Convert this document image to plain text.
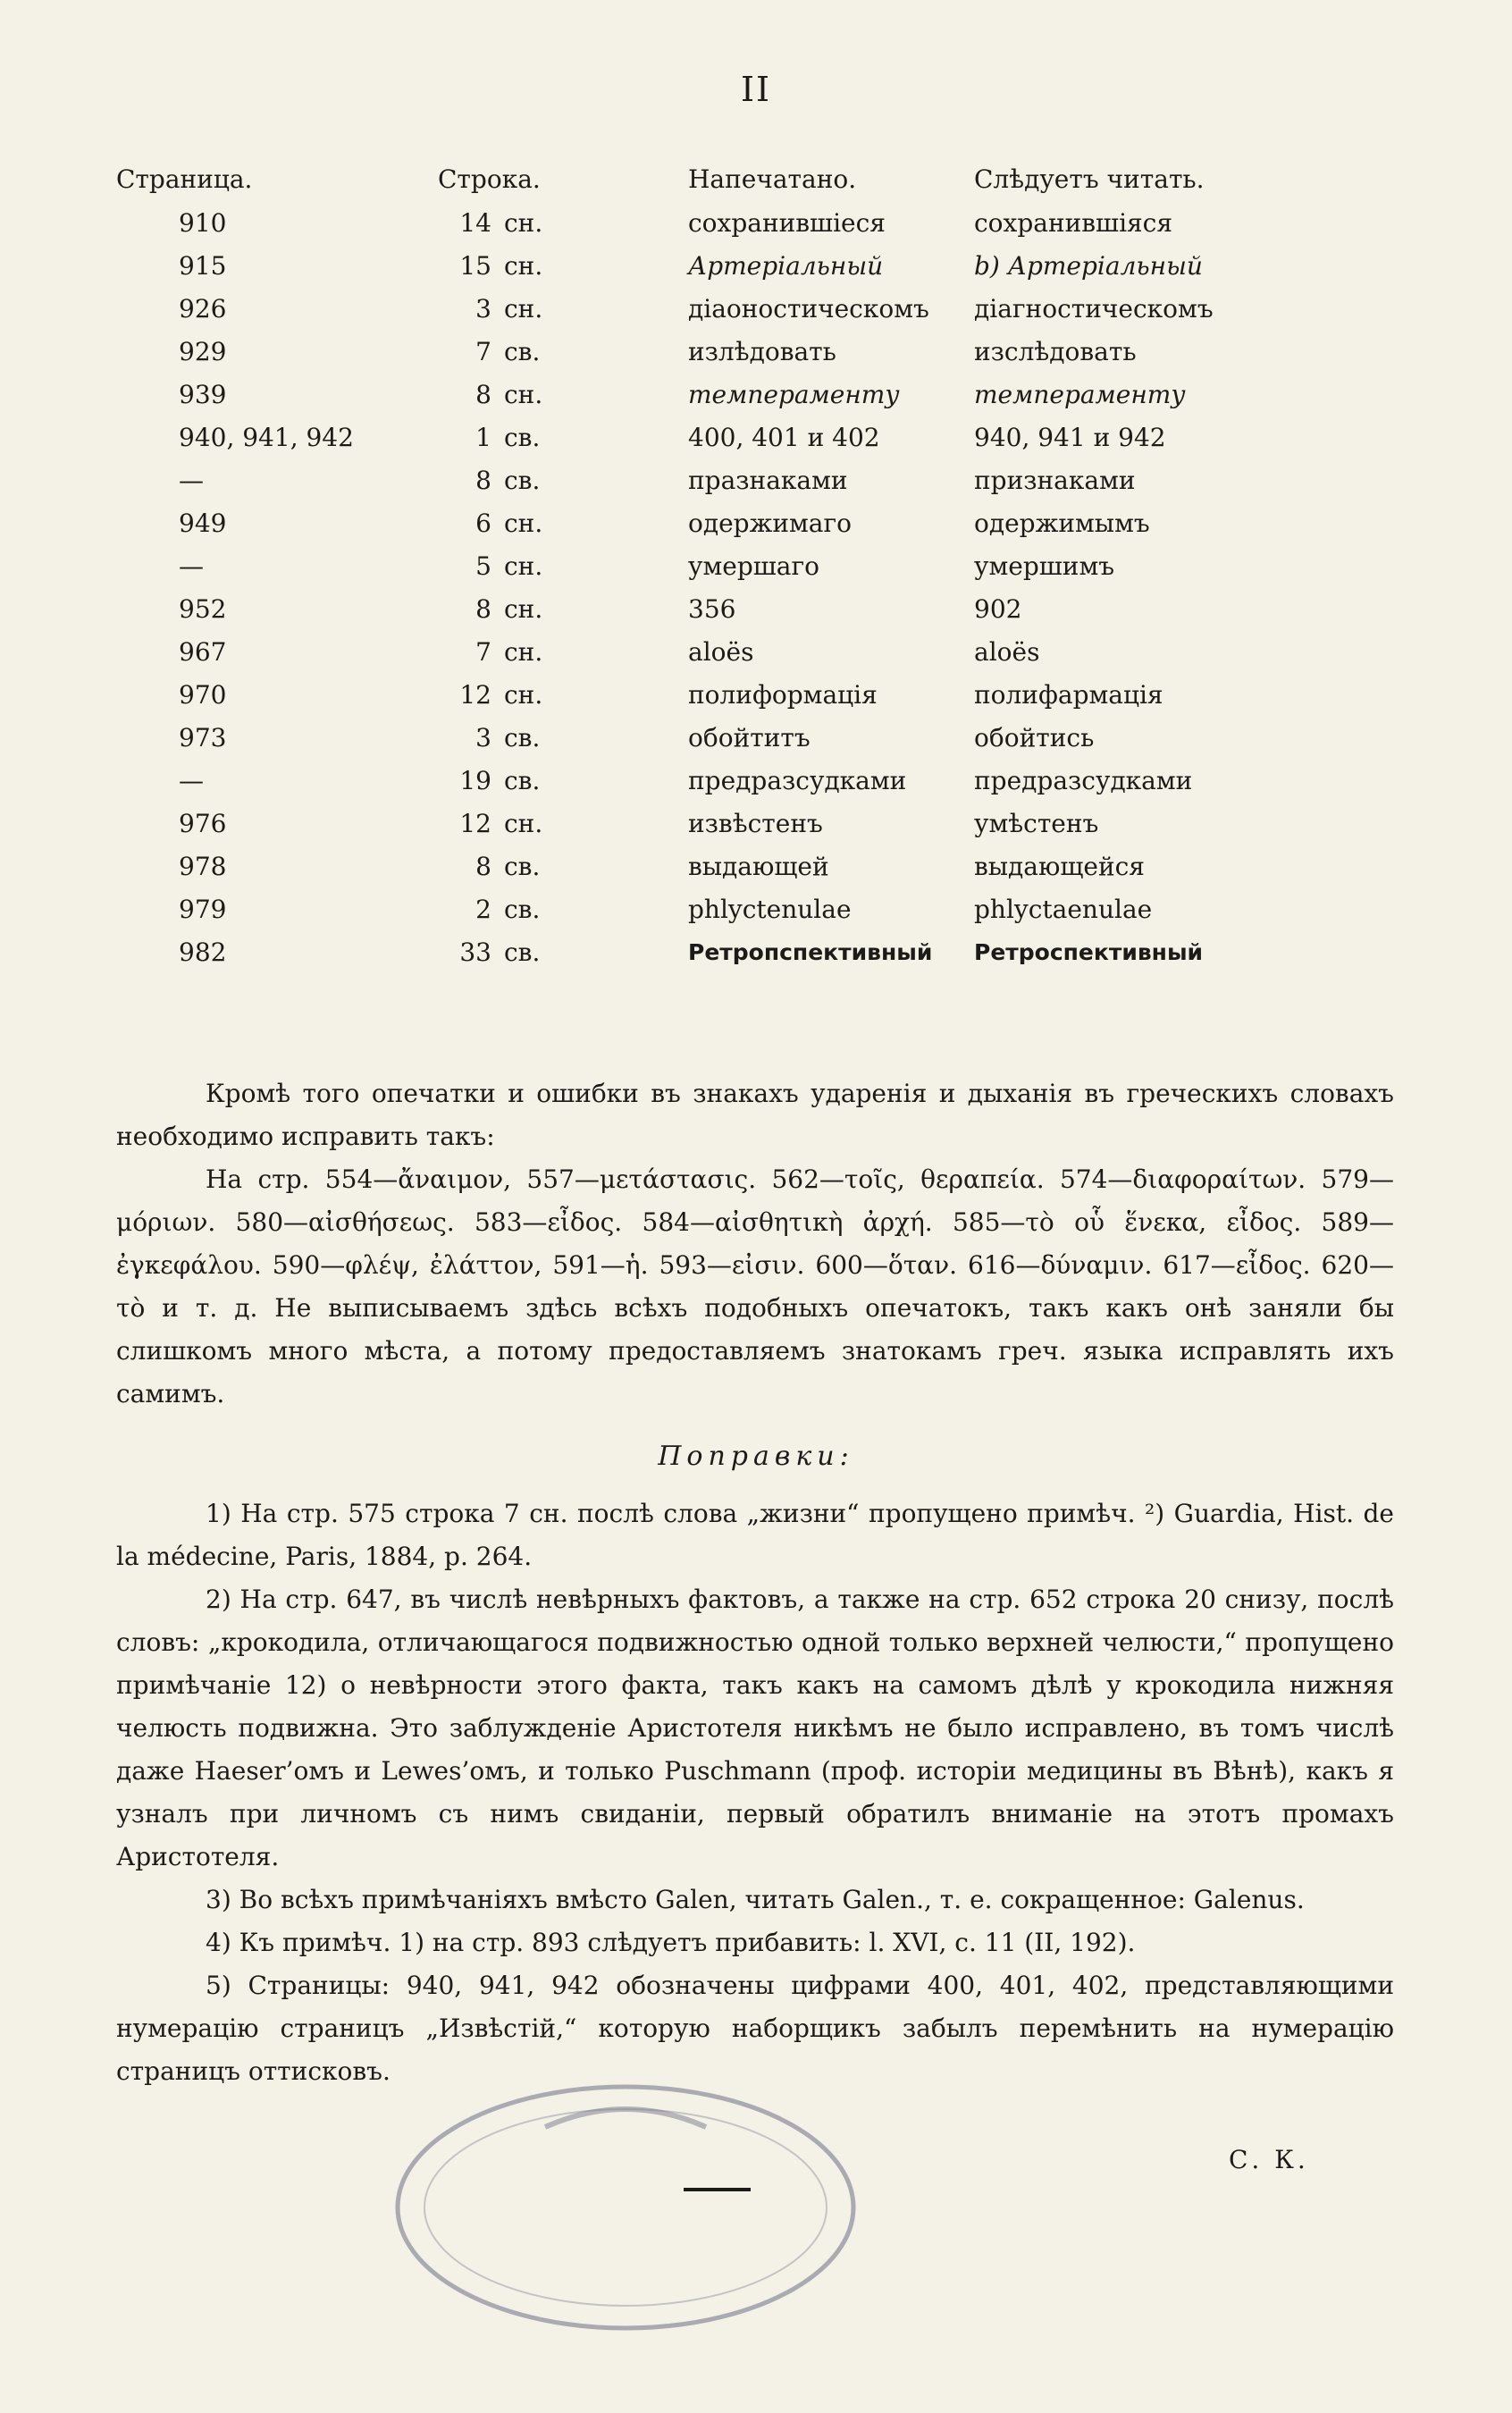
II
Страница.	Строка.	Напечатано.	Слѣдуетъ читать.
910	14 сн.	сохранившіеся	сохранившіяся
915	15 сн.	Артеріальный	b) Артеріальный
926	3 сн.	діаоностическомъ	діагностическомъ
929	7 св.	излѣдовать	изслѣдовать
939	8 сн.	темпераменту	темпераменту
940, 941, 942	1 св.	400, 401 и 402	940, 941 и 942
—	8 св.	празнаками	признаками
949	6 сн.	одержимаго	одержимымъ
—	5 сн.	умершаго	умершимъ
952	8 сн.	356	902
967	7 сн.	aloës	aloës
970	12 сн.	полиформація	полифармація
973	3 св.	обойтитъ	обойтись
—	19 св.	предразсудками	предразсудками
976	12 сн.	извѣстенъ	умѣстенъ
978	8 св.	выдающей	выдающейся
979	2 св.	phlyctenulae	phlyctaenulae
982	33 св.	Ретропспективный	Ретроспективный

Кромѣ того опечатки и ошибки въ знакахъ ударенія и дыханія въ греческихъ словахъ необходимо исправить такъ:

На стр. 554—ἄναιμον, 557—μετάστασις. 562—τοῖς, θεραπεία. 574—διαφοραίτων. 579—μόριων. 580—αἰσθήσεως. 583—εἶδος. 584—αἰσθητικὴ ἀρχή. 585—τὸ οὗ ἕνεκα, εἶδος. 589—ἐγκεφάλου. 590—φλέψ, ἐλάττον, 591—ἡ. 593—εἰσιν. 600—ὅταν. 616—δύναμιν. 617—εἶδος. 620—τὸ и т. д. Не выписываемъ здѣсь всѣхъ подобныхъ опечатокъ, такъ какъ онѣ заняли бы слишкомъ много мѣста, а потому предоставляемъ знатокамъ греч. языка исправлять ихъ самимъ.

Поправки:

1) На стр. 575 строка 7 сн. послѣ слова „жизни“ пропущено примѣч. ²) Guardia, Hist. de la médecine, Paris, 1884, p. 264.

2) На стр. 647, въ числѣ невѣрныхъ фактовъ, а также на стр. 652 строка 20 снизу, послѣ словъ: „крокодила, отличающагося подвижностью одной только верхней челюсти,“ пропущено примѣчаніе 12) о невѣрности этого факта, такъ какъ на самомъ дѣлѣ у крокодила нижняя челюсть подвижна. Это заблужденіе Аристотеля никѣмъ не было исправлено, въ томъ числѣ даже Haeser’омъ и Lewes’омъ, и только Puschmann (проф. исторіи медицины въ Вѣнѣ), какъ я узналъ при личномъ съ нимъ свиданіи, первый обратилъ вниманіе на этотъ промахъ Аристотеля.

3) Во всѣхъ примѣчаніяхъ вмѣсто Galen, читать Galen., т. е. сокращенное: Galenus.

4) Къ примѣч. 1) на стр. 893 слѣдуетъ прибавить: l. XVI, c. 11 (II, 192).

5) Страницы: 940, 941, 942 обозначены цифрами 400, 401, 402, представляющими нумерацію страницъ „Извѣстій,“ которую наборщикъ забылъ перемѣнить на нумерацію страницъ оттисковъ.

С. К.
